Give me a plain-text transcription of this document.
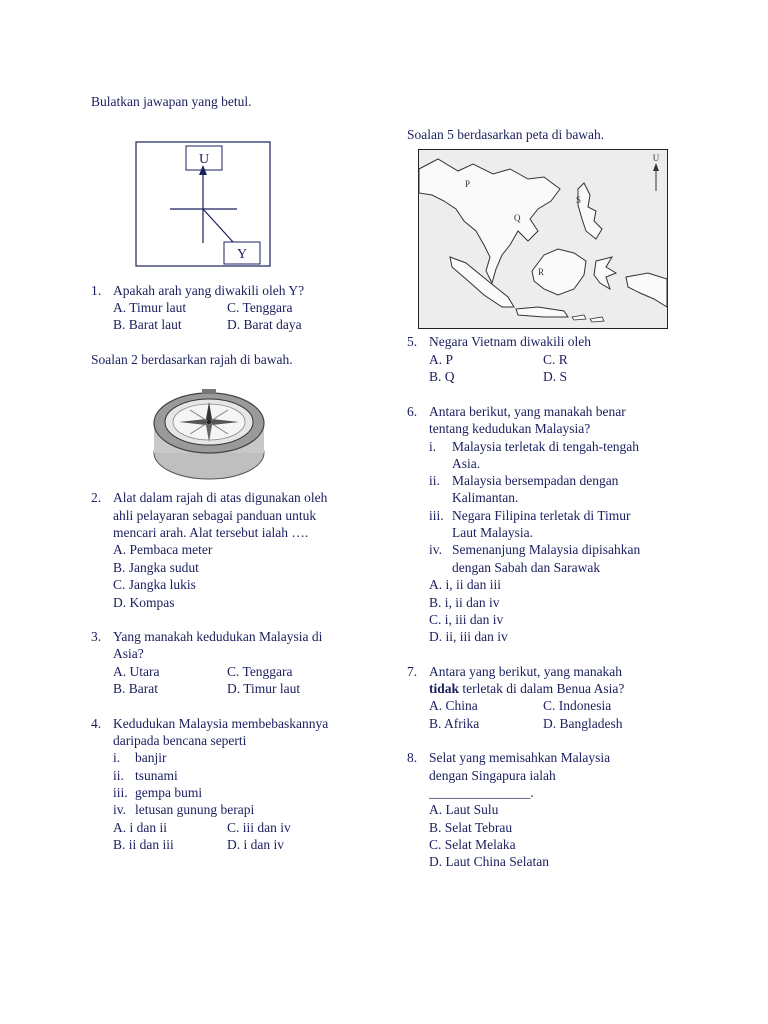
Bulatkan jawapan yang betul.
U
Y
1. Apakah arah yang diwakili oleh Y?
A. Timur laut	C. Tenggara
B. Barat laut	D. Barat daya
Soalan 2 berdasarkan rajah di bawah.
2. Alat dalam rajah di atas digunakan oleh
ahli pelayaran sebagai panduan untuk
mencari arah. Alat tersebut ialah ….
A. Pembaca meter
B. Jangka sudut
C. Jangka lukis
D. Kompas
3. Yang manakah kedudukan Malaysia di
Asia?
A. Utara	C. Tenggara
B. Barat	D. Timur laut
4. Kedudukan Malaysia membebaskannya
daripada bencana seperti
i. banjir
ii. tsunami
iii. gempa bumi
iv. letusan gunung berapi
A. i dan ii	C. iii dan iv
B. ii dan iii	D. i dan iv
Soalan 5 berdasarkan peta di bawah.
P
Q
R
S
U
5. Negara Vietnam diwakili oleh
A. P	C. R
B. Q	D. S
6. Antara berikut, yang manakah benar
tentang kedudukan Malaysia?
i. Malaysia terletak di tengah-tengah
Asia.
ii. Malaysia bersempadan dengan
Kalimantan.
iii. Negara Filipina terletak di Timur
Laut Malaysia.
iv. Semenanjung Malaysia dipisahkan
dengan Sabah dan Sarawak
A. i, ii dan iii
B. i, ii dan iv
C. i, iii dan iv
D. ii, iii dan iv
7. Antara yang berikut, yang manakah
tidak terletak di dalam Benua Asia?
A. China	C. Indonesia
B. Afrika	D. Bangladesh
8. Selat yang memisahkan Malaysia
dengan Singapura ialah
_______________.
A. Laut Sulu
B. Selat Tebrau
C. Selat Melaka
D. Laut China Selatan
